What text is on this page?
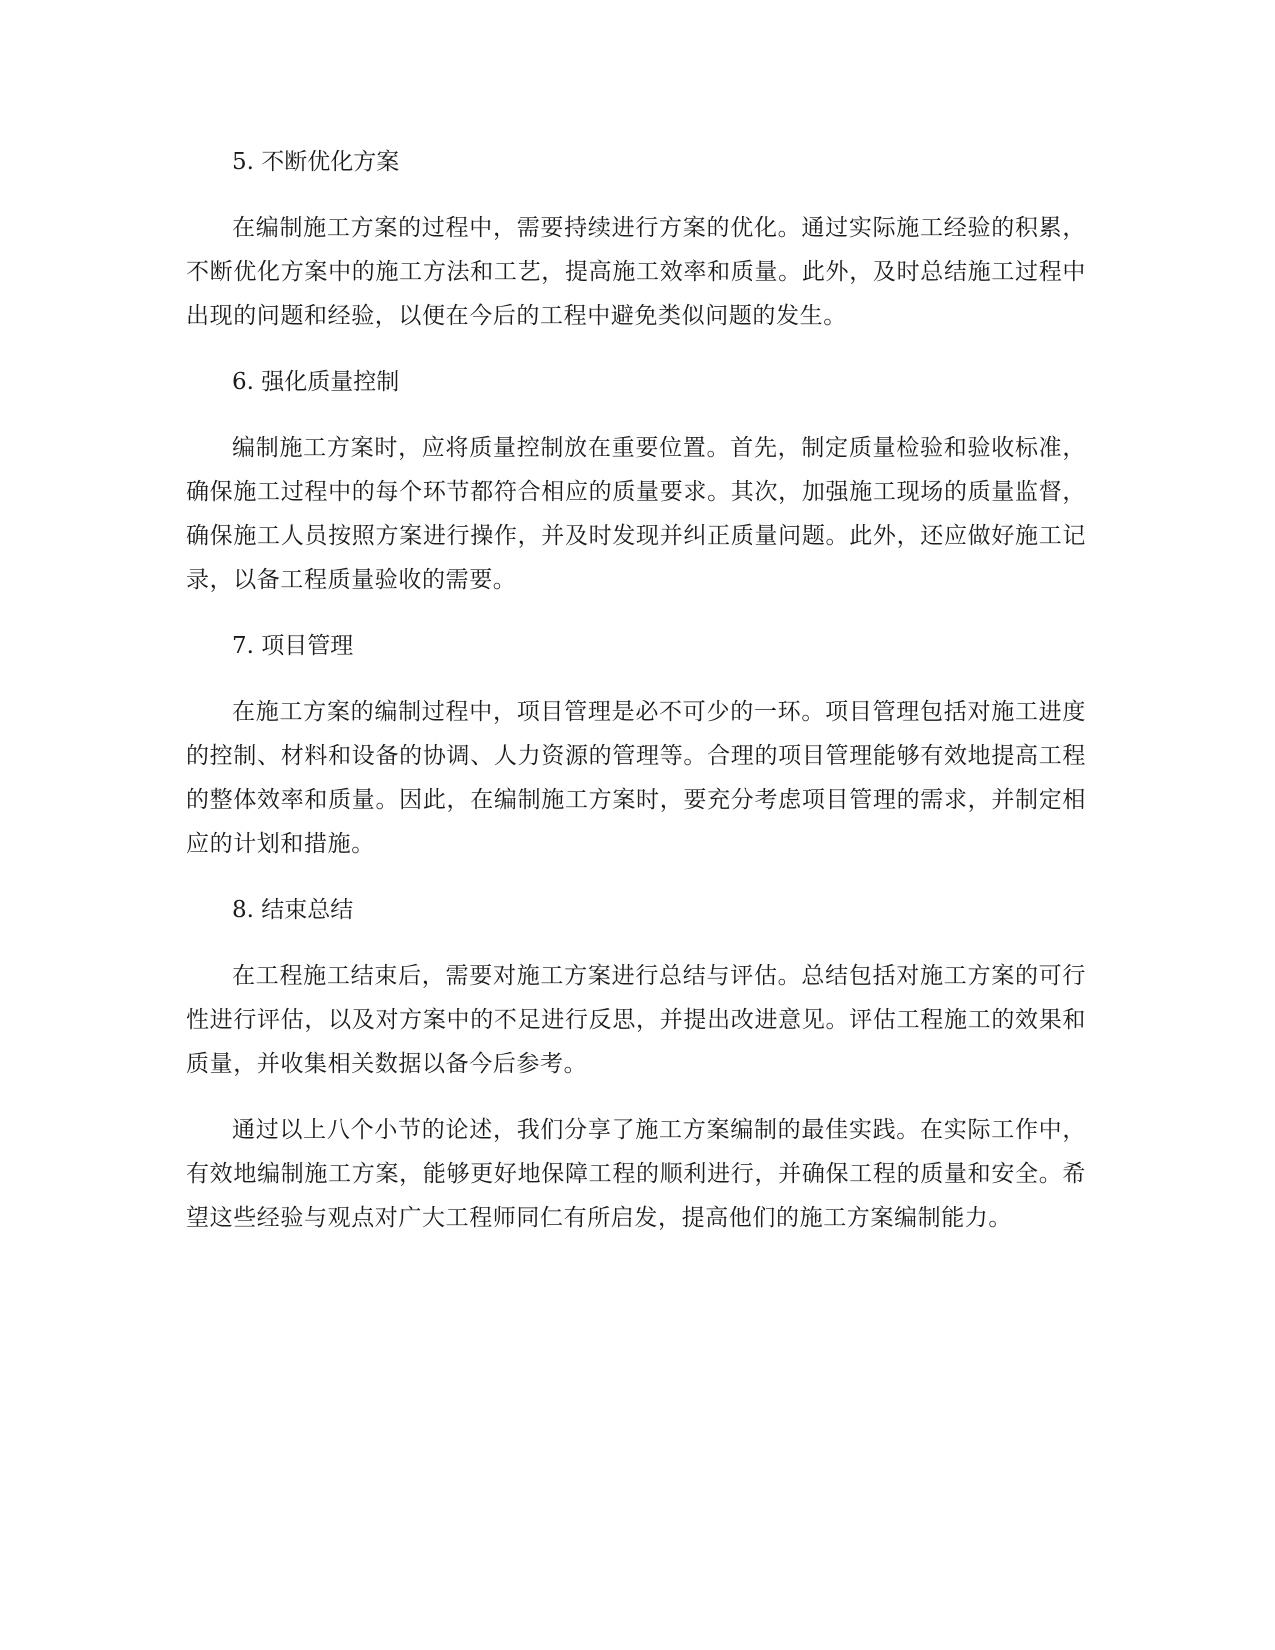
5. 不断优化方案
在编制施工方案的过程中，需要持续进行方案的优化。通过实际施工经验的积累，不断优化方案中的施工方法和工艺，提高施工效率和质量。此外，及时总结施工过程中出现的问题和经验，以便在今后的工程中避免类似问题的发生。
6. 强化质量控制
编制施工方案时，应将质量控制放在重要位置。首先，制定质量检验和验收标准，确保施工过程中的每个环节都符合相应的质量要求。其次，加强施工现场的质量监督，确保施工人员按照方案进行操作，并及时发现并纠正质量问题。此外，还应做好施工记录，以备工程质量验收的需要。
7. 项目管理
在施工方案的编制过程中，项目管理是必不可少的一环。项目管理包括对施工进度的控制、材料和设备的协调、人力资源的管理等。合理的项目管理能够有效地提高工程的整体效率和质量。因此，在编制施工方案时，要充分考虑项目管理的需求，并制定相应的计划和措施。
8. 结束总结
在工程施工结束后，需要对施工方案进行总结与评估。总结包括对施工方案的可行性进行评估，以及对方案中的不足进行反思，并提出改进意见。评估工程施工的效果和质量，并收集相关数据以备今后参考。
通过以上八个小节的论述，我们分享了施工方案编制的最佳实践。在实际工作中，有效地编制施工方案，能够更好地保障工程的顺利进行，并确保工程的质量和安全。希望这些经验与观点对广大工程师同仁有所启发，提高他们的施工方案编制能力。
